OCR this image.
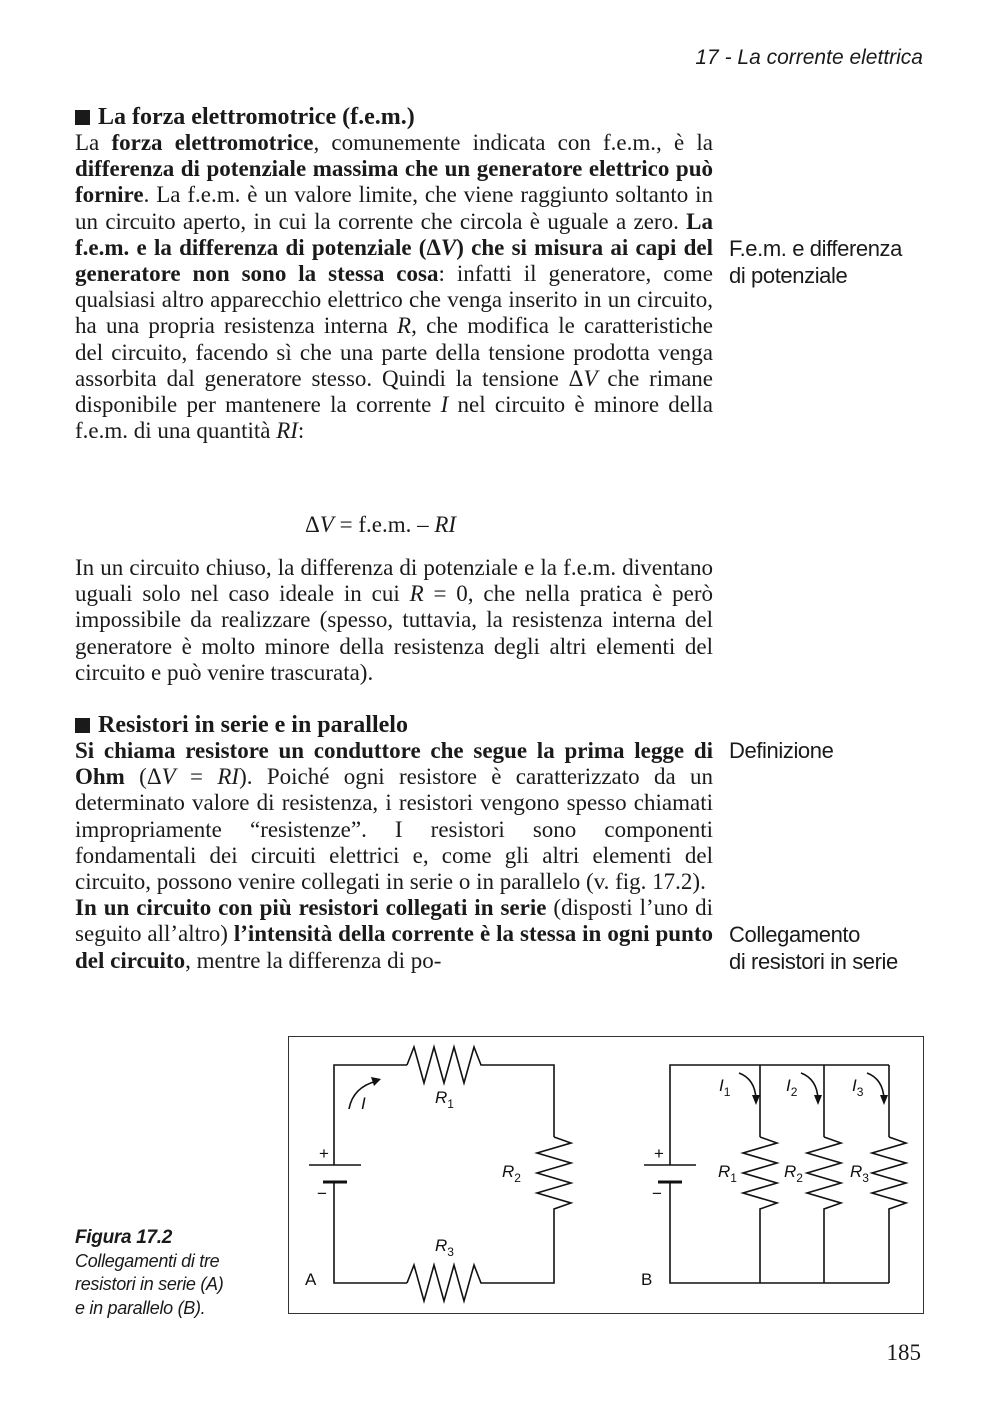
17 - La corrente elettrica
La forza elettromotrice (f.e.m.)

La forza elettromotrice, comunemente indicata con f.e.m., è la differenza di potenziale massima che un generatore elettrico può fornire. La f.e.m. è un valore limite, che viene raggiunto soltanto in un circuito aperto, in cui la corrente che circola è uguale a zero. La f.e.m. e la differenza di potenziale (ΔV) che si misura ai capi del generatore non sono la stessa cosa: infatti il generatore, come qualsiasi altro apparecchio elettrico che venga inserito in un circuito, ha una propria resistenza interna R, che modifica le caratteristiche del circuito, facendo sì che una parte della tensione prodotta venga assorbita dal generatore stesso. Quindi la tensione ΔV che rimane disponibile per mantenere la corrente I nel circuito è minore della f.e.m. di una quantità RI:

ΔV = f.e.m. – RI

In un circuito chiuso, la differenza di potenziale e la f.e.m. diventano uguali solo nel caso ideale in cui R = 0, che nella pratica è però impossibile da realizzare (spesso, tuttavia, la resistenza interna del generatore è molto minore della resistenza degli altri elementi del circuito e può venire trascurata).

Resistori in serie e in parallelo

Si chiama resistore un conduttore che segue la prima legge di Ohm (ΔV = RI). Poiché ogni resistore è caratterizzato da un determinato valore di resistenza, i resistori vengono spesso chiamati impropriamente “resistenze”. I resistori sono componenti fondamentali dei circuiti elettrici e, come gli altri elementi del circuito, possono venire collegati in serie o in parallelo (v. fig. 17.2).

In un circuito con più resistori collegati in serie (disposti l’uno di seguito all’altro) l’intensità della corrente è la stessa in ogni punto del circuito, mentre la differenza di po-

F.e.m. e differenza
di potenziale
Definizione
Collegamento
di resistori in serie
+
−
I	$R_1$
$R_2$
$R_3$
A
+
−
$I_1$	$I_2$	$I_3$
$R_1$	$R_2$	$R_3$
B
Figura 17.2
Collegamenti di tre
resistori in serie (A)
e in parallelo (B).
185
